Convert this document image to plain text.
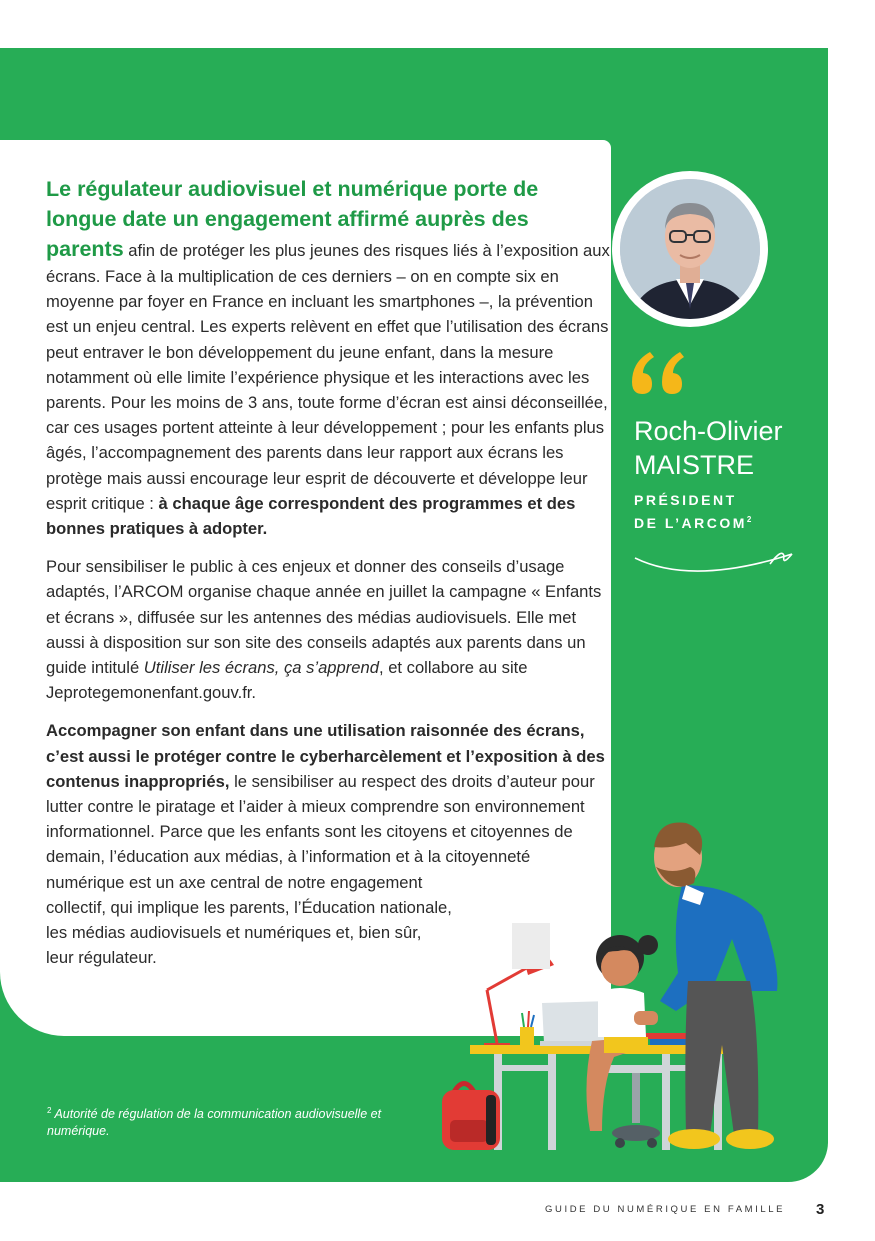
Le régulateur audiovisuel et numérique porte de longue date un engagement affirmé auprès des parents afin de protéger les plus jeunes des risques liés à l’exposition aux écrans. Face à la multiplication de ces derniers – on en compte six en moyenne par foyer en France en incluant les smartphones –, la prévention est un enjeu central. Les experts relèvent en effet que l’utilisation des écrans peut entraver le bon développement du jeune enfant, dans la mesure notamment où elle limite l’expérience physique et les interactions avec les parents. Pour les moins de 3 ans, toute forme d’écran est ainsi déconseillée, car ces usages portent atteinte à leur développement ; pour les enfants plus âgés, l’accompagnement des parents dans leur rapport aux écrans les protège mais aussi encourage leur esprit de découverte et développe leur esprit critique : à chaque âge correspondent des programmes et des bonnes pratiques à adopter.

Pour sensibiliser le public à ces enjeux et donner des conseils d’usage adaptés, l’ARCOM organise chaque année en juillet la campagne « Enfants et écrans », diffusée sur les antennes des médias audiovisuels. Elle met aussi à disposition sur son site des conseils adaptés aux parents dans un guide intitulé Utiliser les écrans, ça s’apprend, et collabore au site Jeprotegemonenfant.gouv.fr.

Accompagner son enfant dans une utilisation raisonnée des écrans, c’est aussi le protéger contre le cyberharcèlement et l’exposition à des contenus inappropriés, le sensibiliser au respect des droits d’auteur pour lutter contre le piratage et l’aider à mieux comprendre son environnement informationnel. Parce que les enfants sont les citoyens et citoyennes de demain, l’éducation aux médias, à l’information et à la citoyenneté
numérique est un axe central de notre engagement
collectif, qui implique les parents, l’Éducation nationale,
les médias audiovisuels et numériques et, bien sûr,
leur régulateur.

Roch-Olivier
MAISTRE
PRÉSIDENT
DE L’ARCOM$^2$
$^2$ Autorité de régulation de la communication audiovisuelle et numérique.
GUIDE DU NUMÉRIQUE EN FAMILLE 3
